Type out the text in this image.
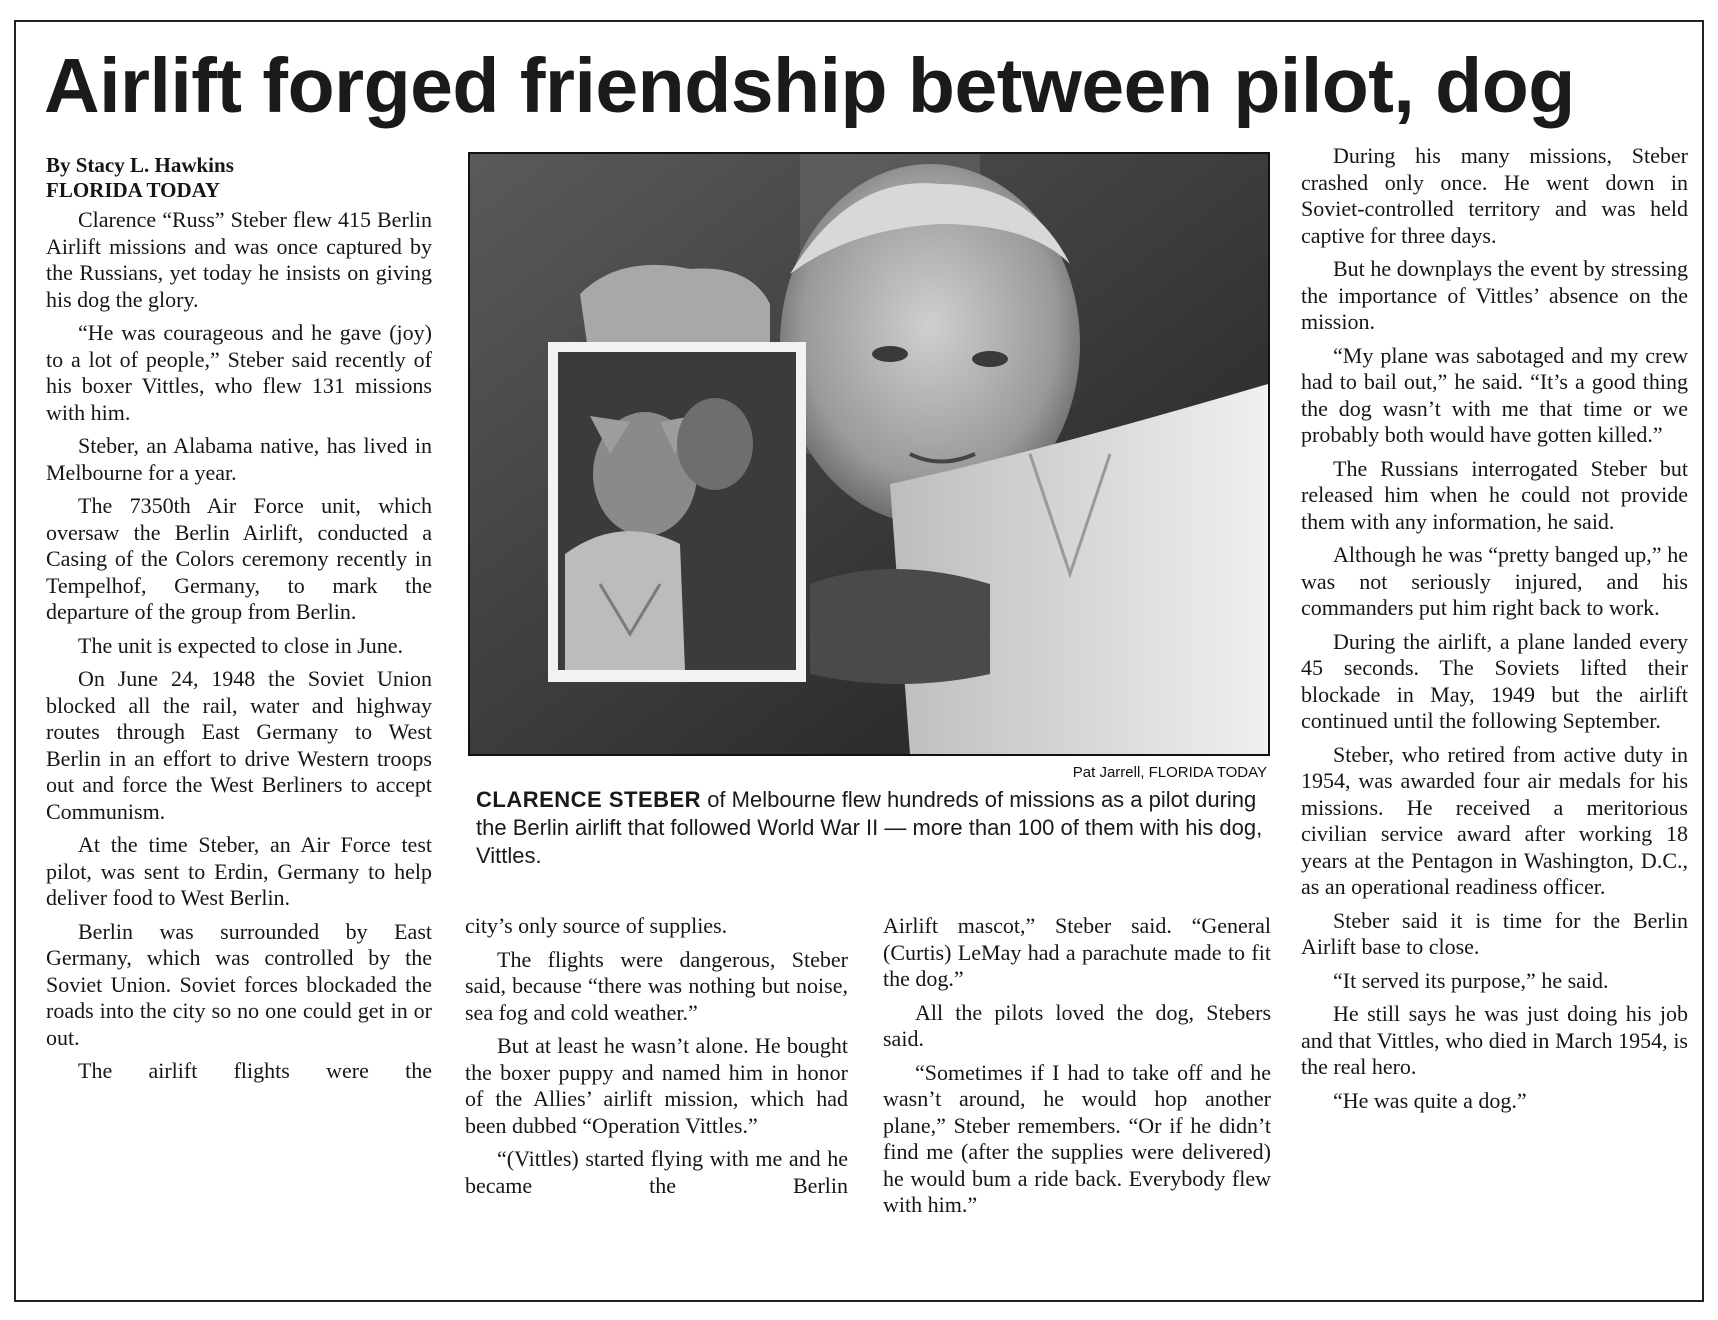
Airlift forged friendship between pilot, dog
By Stacy L. Hawkins
FLORIDA TODAY

Clarence “Russ” Steber flew 415 Berlin Airlift missions and was once captured by the Russians, yet today he insists on giving his dog the glory.

“He was courageous and he gave (joy) to a lot of people,” Steber said recently of his boxer Vittles, who flew 131 missions with him.

Steber, an Alabama native, has lived in Melbourne for a year.

The 7350th Air Force unit, which oversaw the Berlin Airlift, conducted a Casing of the Colors ceremony recently in Tempelhof, Germany, to mark the departure of the group from Berlin.

The unit is expected to close in June.

On June 24, 1948 the Soviet Union blocked all the rail, water and highway routes through East Germany to West Berlin in an effort to drive Western troops out and force the West Berliners to accept Communism.

At the time Steber, an Air Force test pilot, was sent to Erdin, Germany to help deliver food to West Berlin.

Berlin was surrounded by East Germany, which was controlled by the Soviet Union. Soviet forces blockaded the roads into the city so no one could get in or out.

The airlift flights were the

Pat Jarrell, FLORIDA TODAY
CLARENCE STEBER of Melbourne flew hundreds of missions as a pilot during the Berlin airlift that followed World War II — more than 100 of them with his dog, Vittles.

city’s only source of supplies.

The flights were dangerous, Steber said, because “there was nothing but noise, sea fog and cold weather.”

But at least he wasn’t alone. He bought the boxer puppy and named him in honor of the Allies’ airlift mission, which had been dubbed “Operation Vittles.”

“(Vittles) started flying with me and he became the Berlin

Airlift mascot,” Steber said. “General (Curtis) LeMay had a parachute made to fit the dog.”

All the pilots loved the dog, Stebers said.

“Sometimes if I had to take off and he wasn’t around, he would hop another plane,” Steber remembers. “Or if he didn’t find me (after the supplies were delivered) he would bum a ride back. Everybody flew with him.”

During his many missions, Steber crashed only once. He went down in Soviet-controlled territory and was held captive for three days.

But he downplays the event by stressing the importance of Vittles’ absence on the mission.

“My plane was sabotaged and my crew had to bail out,” he said. “It’s a good thing the dog wasn’t with me that time or we probably both would have gotten killed.”

The Russians interrogated Steber but released him when he could not provide them with any information, he said.

Although he was “pretty banged up,” he was not seriously injured, and his commanders put him right back to work.

During the airlift, a plane landed every 45 seconds. The Soviets lifted their blockade in May, 1949 but the airlift continued until the following September.

Steber, who retired from active duty in 1954, was awarded four air medals for his missions. He received a meritorious civilian service award after working 18 years at the Pentagon in Washington, D.C., as an operational readiness officer.

Steber said it is time for the Berlin Airlift base to close.

“It served its purpose,” he said.

He still says he was just doing his job and that Vittles, who died in March 1954, is the real hero.

“He was quite a dog.”
